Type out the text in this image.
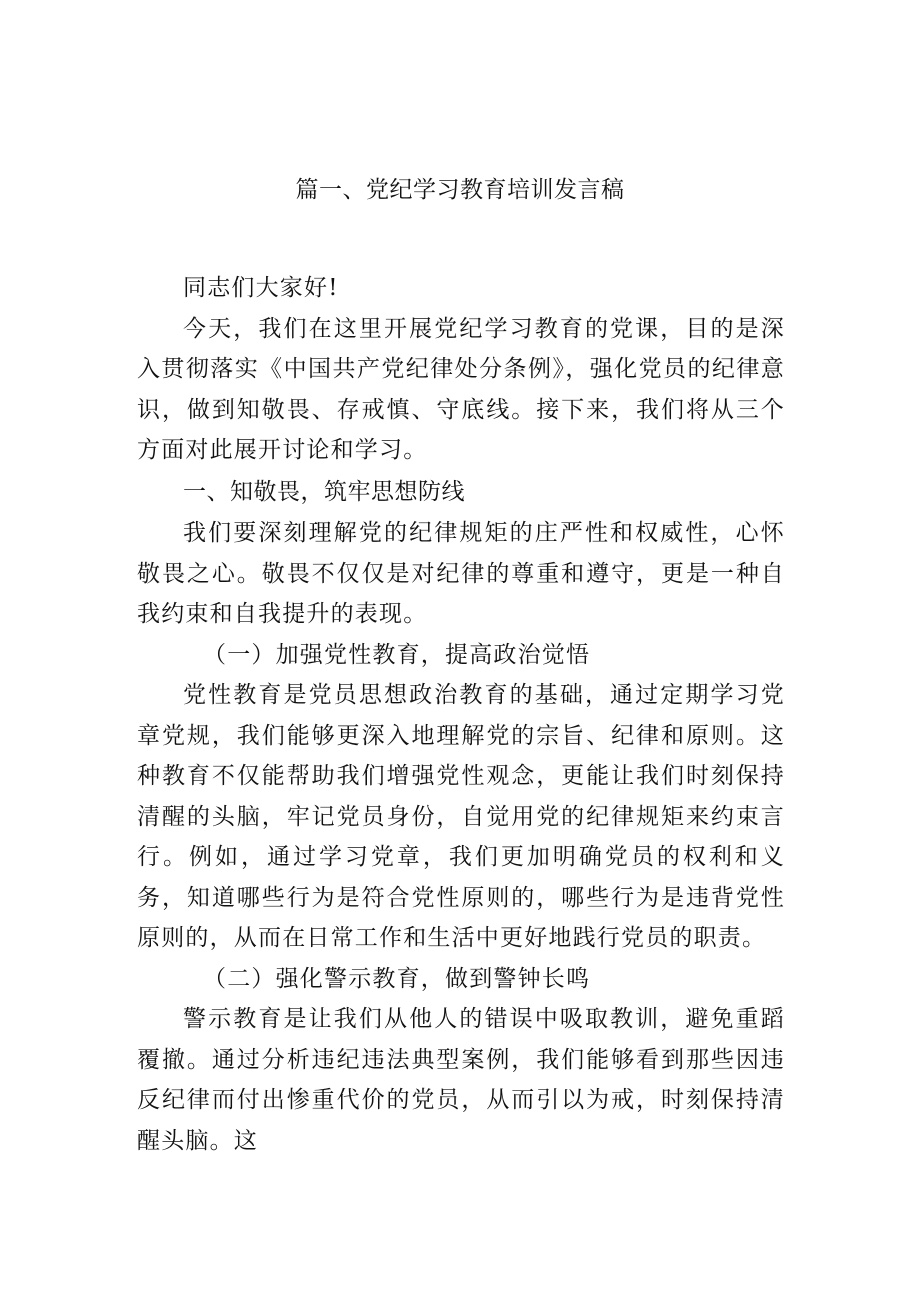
篇一、党纪学习教育培训发言稿

同志们大家好!

今天，我们在这里开展党纪学习教育的党课，目的是深入贯彻落实《中国共产党纪律处分条例》，强化党员的纪律意识，做到知敬畏、存戒慎、守底线。接下来，我们将从三个方面对此展开讨论和学习。

一、知敬畏，筑牢思想防线

我们要深刻理解党的纪律规矩的庄严性和权威性，心怀敬畏之心。敬畏不仅仅是对纪律的尊重和遵守，更是一种自我约束和自我提升的表现。

（一）加强党性教育，提高政治觉悟

党性教育是党员思想政治教育的基础，通过定期学习党章党规，我们能够更深入地理解党的宗旨、纪律和原则。这种教育不仅能帮助我们增强党性观念，更能让我们时刻保持清醒的头脑，牢记党员身份，自觉用党的纪律规矩来约束言行。例如，通过学习党章，我们更加明确党员的权利和义务，知道哪些行为是符合党性原则的，哪些行为是违背党性原则的，从而在日常工作和生活中更好地践行党员的职责。

（二）强化警示教育，做到警钟长鸣

警示教育是让我们从他人的错误中吸取教训，避免重蹈覆撤。通过分析违纪违法典型案例，我们能够看到那些因违反纪律而付出惨重代价的党员，从而引以为戒，时刻保持清醒头脑。这
